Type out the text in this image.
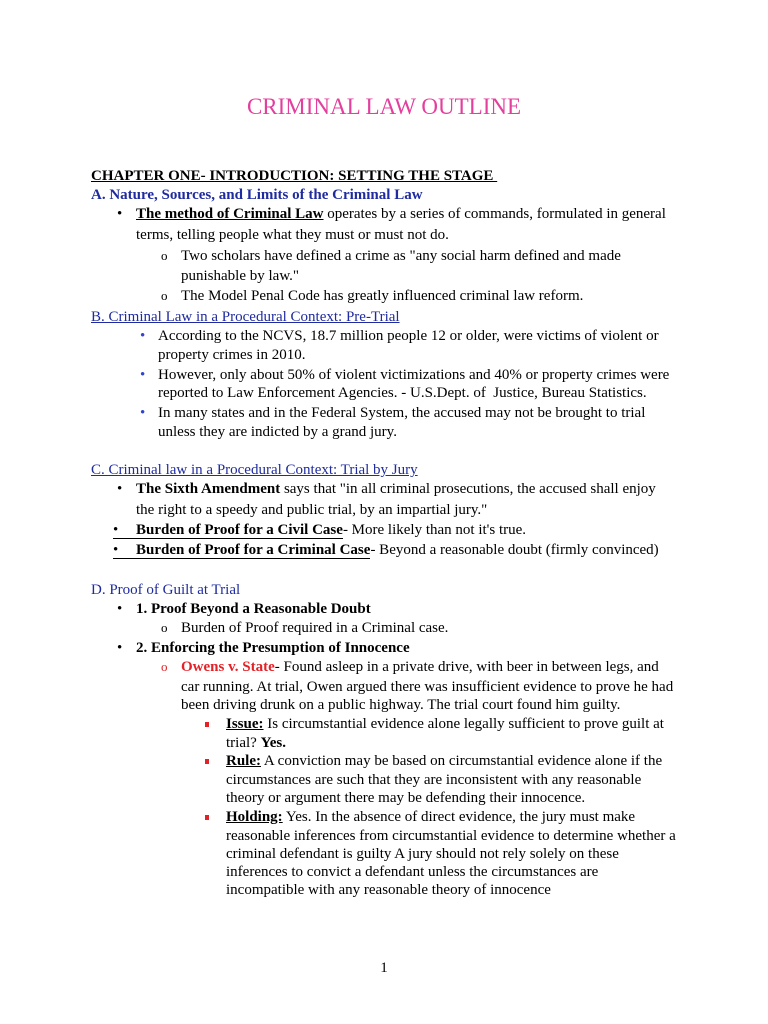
CRIMINAL LAW OUTLINE
CHAPTER ONE- INTRODUCTION: SETTING THE STAGE
A. Nature, Sources, and Limits of the Criminal Law
•
The method of Criminal Law operates by a series of commands, formulated in general
terms, telling people what they must or must not do.
o
Two scholars have defined a crime as "any social harm defined and made
punishable by law."
o
The Model Penal Code has greatly influenced criminal law reform.
B. Criminal Law in a Procedural Context: Pre-Trial
•
According to the NCVS, 18.7 million people 12 or older, were victims of violent or
property crimes in 2010.
•
However, only about 50% of violent victimizations and 40% or property crimes were
reported to Law Enforcement Agencies. - U.S.Dept. of  Justice, Bureau Statistics.
•
In many states and in the Federal System, the accused may not be brought to trial
unless they are indicted by a grand jury.
C. Criminal law in a Procedural Context: Trial by Jury
•
The Sixth Amendment says that "in all criminal prosecutions, the accused shall enjoy
the right to a speedy and public trial, by an impartial jury."
• Burden of Proof for a Civil Case- More likely than not it's true.
• Burden of Proof for a Criminal Case- Beyond a reasonable doubt (firmly convinced)
D. Proof of Guilt at Trial
•
1. Proof Beyond a Reasonable Doubt
o
Burden of Proof required in a Criminal case.
•
2. Enforcing the Presumption of Innocence
o
Owens v. State- Found asleep in a private drive, with beer in between legs, and
car running. At trial, Owen argued there was insufficient evidence to prove he had
been driving drunk on a public highway. The trial court found him guilty.
Issue: Is circumstantial evidence alone legally sufficient to prove guilt at
trial? Yes.
Rule: A conviction may be based on circumstantial evidence alone if the
circumstances are such that they are inconsistent with any reasonable
theory or argument there may be defending their innocence.
Holding: Yes. In the absence of direct evidence, the jury must make
reasonable inferences from circumstantial evidence to determine whether a
criminal defendant is guilty A jury should not rely solely on these
inferences to convict a defendant unless the circumstances are
incompatible with any reasonable theory of innocence
1
